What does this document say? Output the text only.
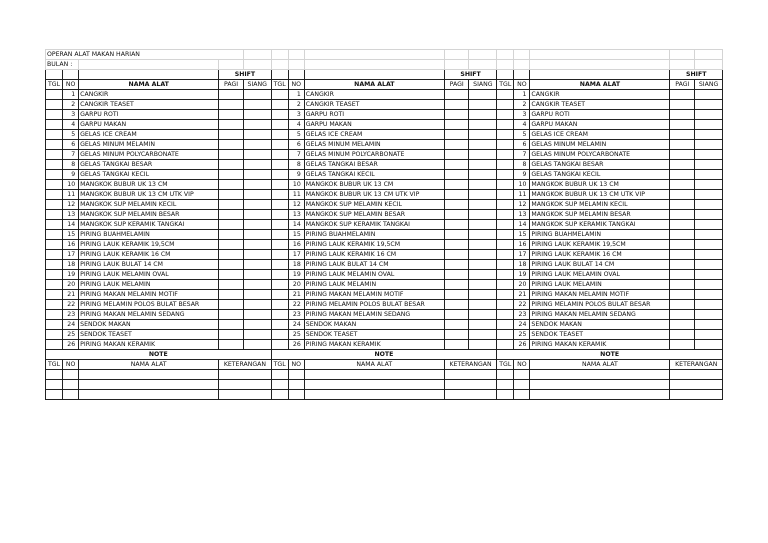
OPERAN ALAT MAKAN HARIAN														
BULAN :														
			SHIFT					SHIFT					SHIFT	
TGL	NO	NAMA ALAT	PAGI	SIANG	TGL	NO	NAMA ALAT	PAGI	SIANG	TGL	NO	NAMA ALAT	PAGI	SIANG
	1	CANGKIR				1	CANGKIR				1	CANGKIR		
	2	CANGKIR TEASET				2	CANGKIR TEASET				2	CANGKIR TEASET		
	3	GARPU ROTI				3	GARPU ROTI				3	GARPU ROTI		
	4	GARPU MAKAN				4	GARPU MAKAN				4	GARPU MAKAN		
	5	GELAS ICE CREAM				5	GELAS ICE CREAM				5	GELAS ICE CREAM		
	6	GELAS MINUM MELAMIN				6	GELAS MINUM MELAMIN				6	GELAS MINUM MELAMIN		
	7	GELAS MINUM POLYCARBONATE				7	GELAS MINUM POLYCARBONATE				7	GELAS MINUM POLYCARBONATE		
	8	GELAS TANGKAI BESAR				8	GELAS TANGKAI BESAR				8	GELAS TANGKAI BESAR		
	9	GELAS TANGKAI KECIL				9	GELAS TANGKAI KECIL				9	GELAS TANGKAI KECIL		
	10	MANGKOK BUBUR UK 13 CM				10	MANGKOK BUBUR UK 13 CM				10	MANGKOK BUBUR UK 13 CM		
	11	MANGKOK BUBUR UK 13 CM UTK VIP				11	MANGKOK BUBUR UK 13 CM UTK VIP				11	MANGKOK BUBUR UK 13 CM UTK VIP		
	12	MANGKOK SUP MELAMIN KECIL				12	MANGKOK SUP MELAMIN KECIL				12	MANGKOK SUP MELAMIN KECIL		
	13	MANGKOK SUP MELAMIN BESAR				13	MANGKOK SUP MELAMIN BESAR				13	MANGKOK SUP MELAMIN BESAR		
	14	MANGKOK SUP KERAMIK TANGKAI				14	MANGKOK SUP KERAMIK TANGKAI				14	MANGKOK SUP KERAMIK TANGKAI		
	15	PIRING BUAHMELAMIN				15	PIRING BUAHMELAMIN				15	PIRING BUAHMELAMIN		
	16	PIRING LAUK KERAMIK 19,5CM				16	PIRING LAUK KERAMIK 19,5CM				16	PIRING LAUK KERAMIK 19,5CM		
	17	PIRING LAUK KERAMIK 16 CM				17	PIRING LAUK KERAMIK 16 CM				17	PIRING LAUK KERAMIK 16 CM		
	18	PIRING LAUK BULAT 14 CM				18	PIRING LAUK BULAT 14 CM				18	PIRING LAUK BULAT 14 CM		
	19	PIRING LAUK MELAMIN OVAL				19	PIRING LAUK MELAMIN OVAL				19	PIRING LAUK MELAMIN OVAL		
	20	PIRING LAUK MELAMIN				20	PIRING LAUK MELAMIN				20	PIRING LAUK MELAMIN		
	21	PIRING MAKAN MELAMIN MOTIF				21	PIRING MAKAN MELAMIN MOTIF				21	PIRING MAKAN MELAMIN MOTIF		
	22	PIRING MELAMIN POLOS BULAT BESAR				22	PIRING MELAMIN POLOS BULAT BESAR				22	PIRING MELAMIN POLOS BULAT BESAR		
	23	PIRING MAKAN MELAMIN SEDANG				23	PIRING MAKAN MELAMIN SEDANG				23	PIRING MAKAN MELAMIN SEDANG		
	24	SENDOK MAKAN				24	SENDOK MAKAN				24	SENDOK MAKAN		
	25	SENDOK TEASET				25	SENDOK TEASET				25	SENDOK TEASET		
	26	PIRING MAKAN KERAMIK				26	PIRING MAKAN KERAMIK				26	PIRING MAKAN KERAMIK		
NOTE					NOTE					NOTE				
TGL	NO	NAMA ALAT	KETERANGAN		TGL	NO	NAMA ALAT	KETERANGAN		TGL	NO	NAMA ALAT	KETERANGAN	
